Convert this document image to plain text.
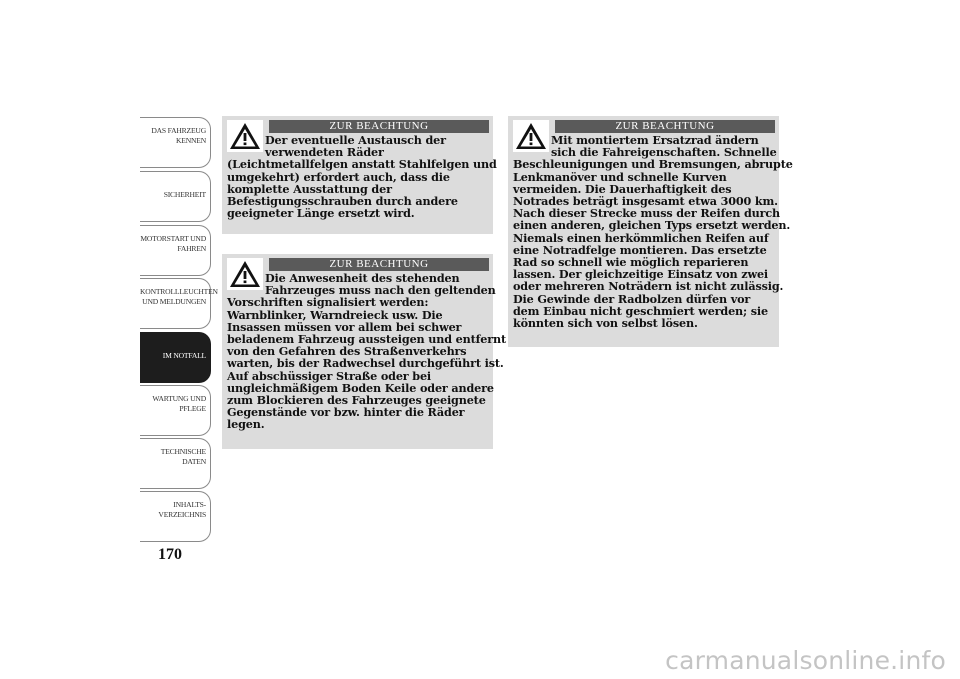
DAS FAHRZEUG
KENNEN
SICHERHEIT
MOTORSTART UND
FAHREN
KONTROLLLEUCHTEN
UND MELDUNGEN
IM NOTFALL
WARTUNG UND
PFLEGE
TECHNISCHE
DATEN
INHALTS-
VERZEICHNIS
170
ZUR BEACHTUNG
Der eventuelle Austausch der
verwendeten Räder
(Leichtmetallfelgen anstatt Stahlfelgen und
umgekehrt) erfordert auch, dass die
komplette Ausstattung der
Befestigungsschrauben durch andere
geeigneter Länge ersetzt wird.
ZUR BEACHTUNG
Die Anwesenheit des stehenden
Fahrzeuges muss nach den geltenden
Vorschriften signalisiert werden:
Warnblinker, Warndreieck usw. Die
Insassen müssen vor allem bei schwer
beladenem Fahrzeug aussteigen und entfernt
von den Gefahren des Straßenverkehrs
warten, bis der Radwechsel durchgeführt ist.
Auf abschüssiger Straße oder bei
ungleichmäßigem Boden Keile oder andere
zum Blockieren des Fahrzeuges geeignete
Gegenstände vor bzw. hinter die Räder
legen.
ZUR BEACHTUNG
Mit montiertem Ersatzrad ändern
sich die Fahreigenschaften. Schnelle
Beschleunigungen und Bremsungen, abrupte
Lenkmanöver und schnelle Kurven
vermeiden. Die Dauerhaftigkeit des
Notrades beträgt insgesamt etwa 3000 km.
Nach dieser Strecke muss der Reifen durch
einen anderen, gleichen Typs ersetzt werden.
Niemals einen herkömmlichen Reifen auf
eine Notradfelge montieren. Das ersetzte
Rad so schnell wie möglich reparieren
lassen. Der gleichzeitige Einsatz von zwei
oder mehreren Noträdern ist nicht zulässig.
Die Gewinde der Radbolzen dürfen vor
dem Einbau nicht geschmiert werden; sie
könnten sich von selbst lösen.
carmanualsonline.info
